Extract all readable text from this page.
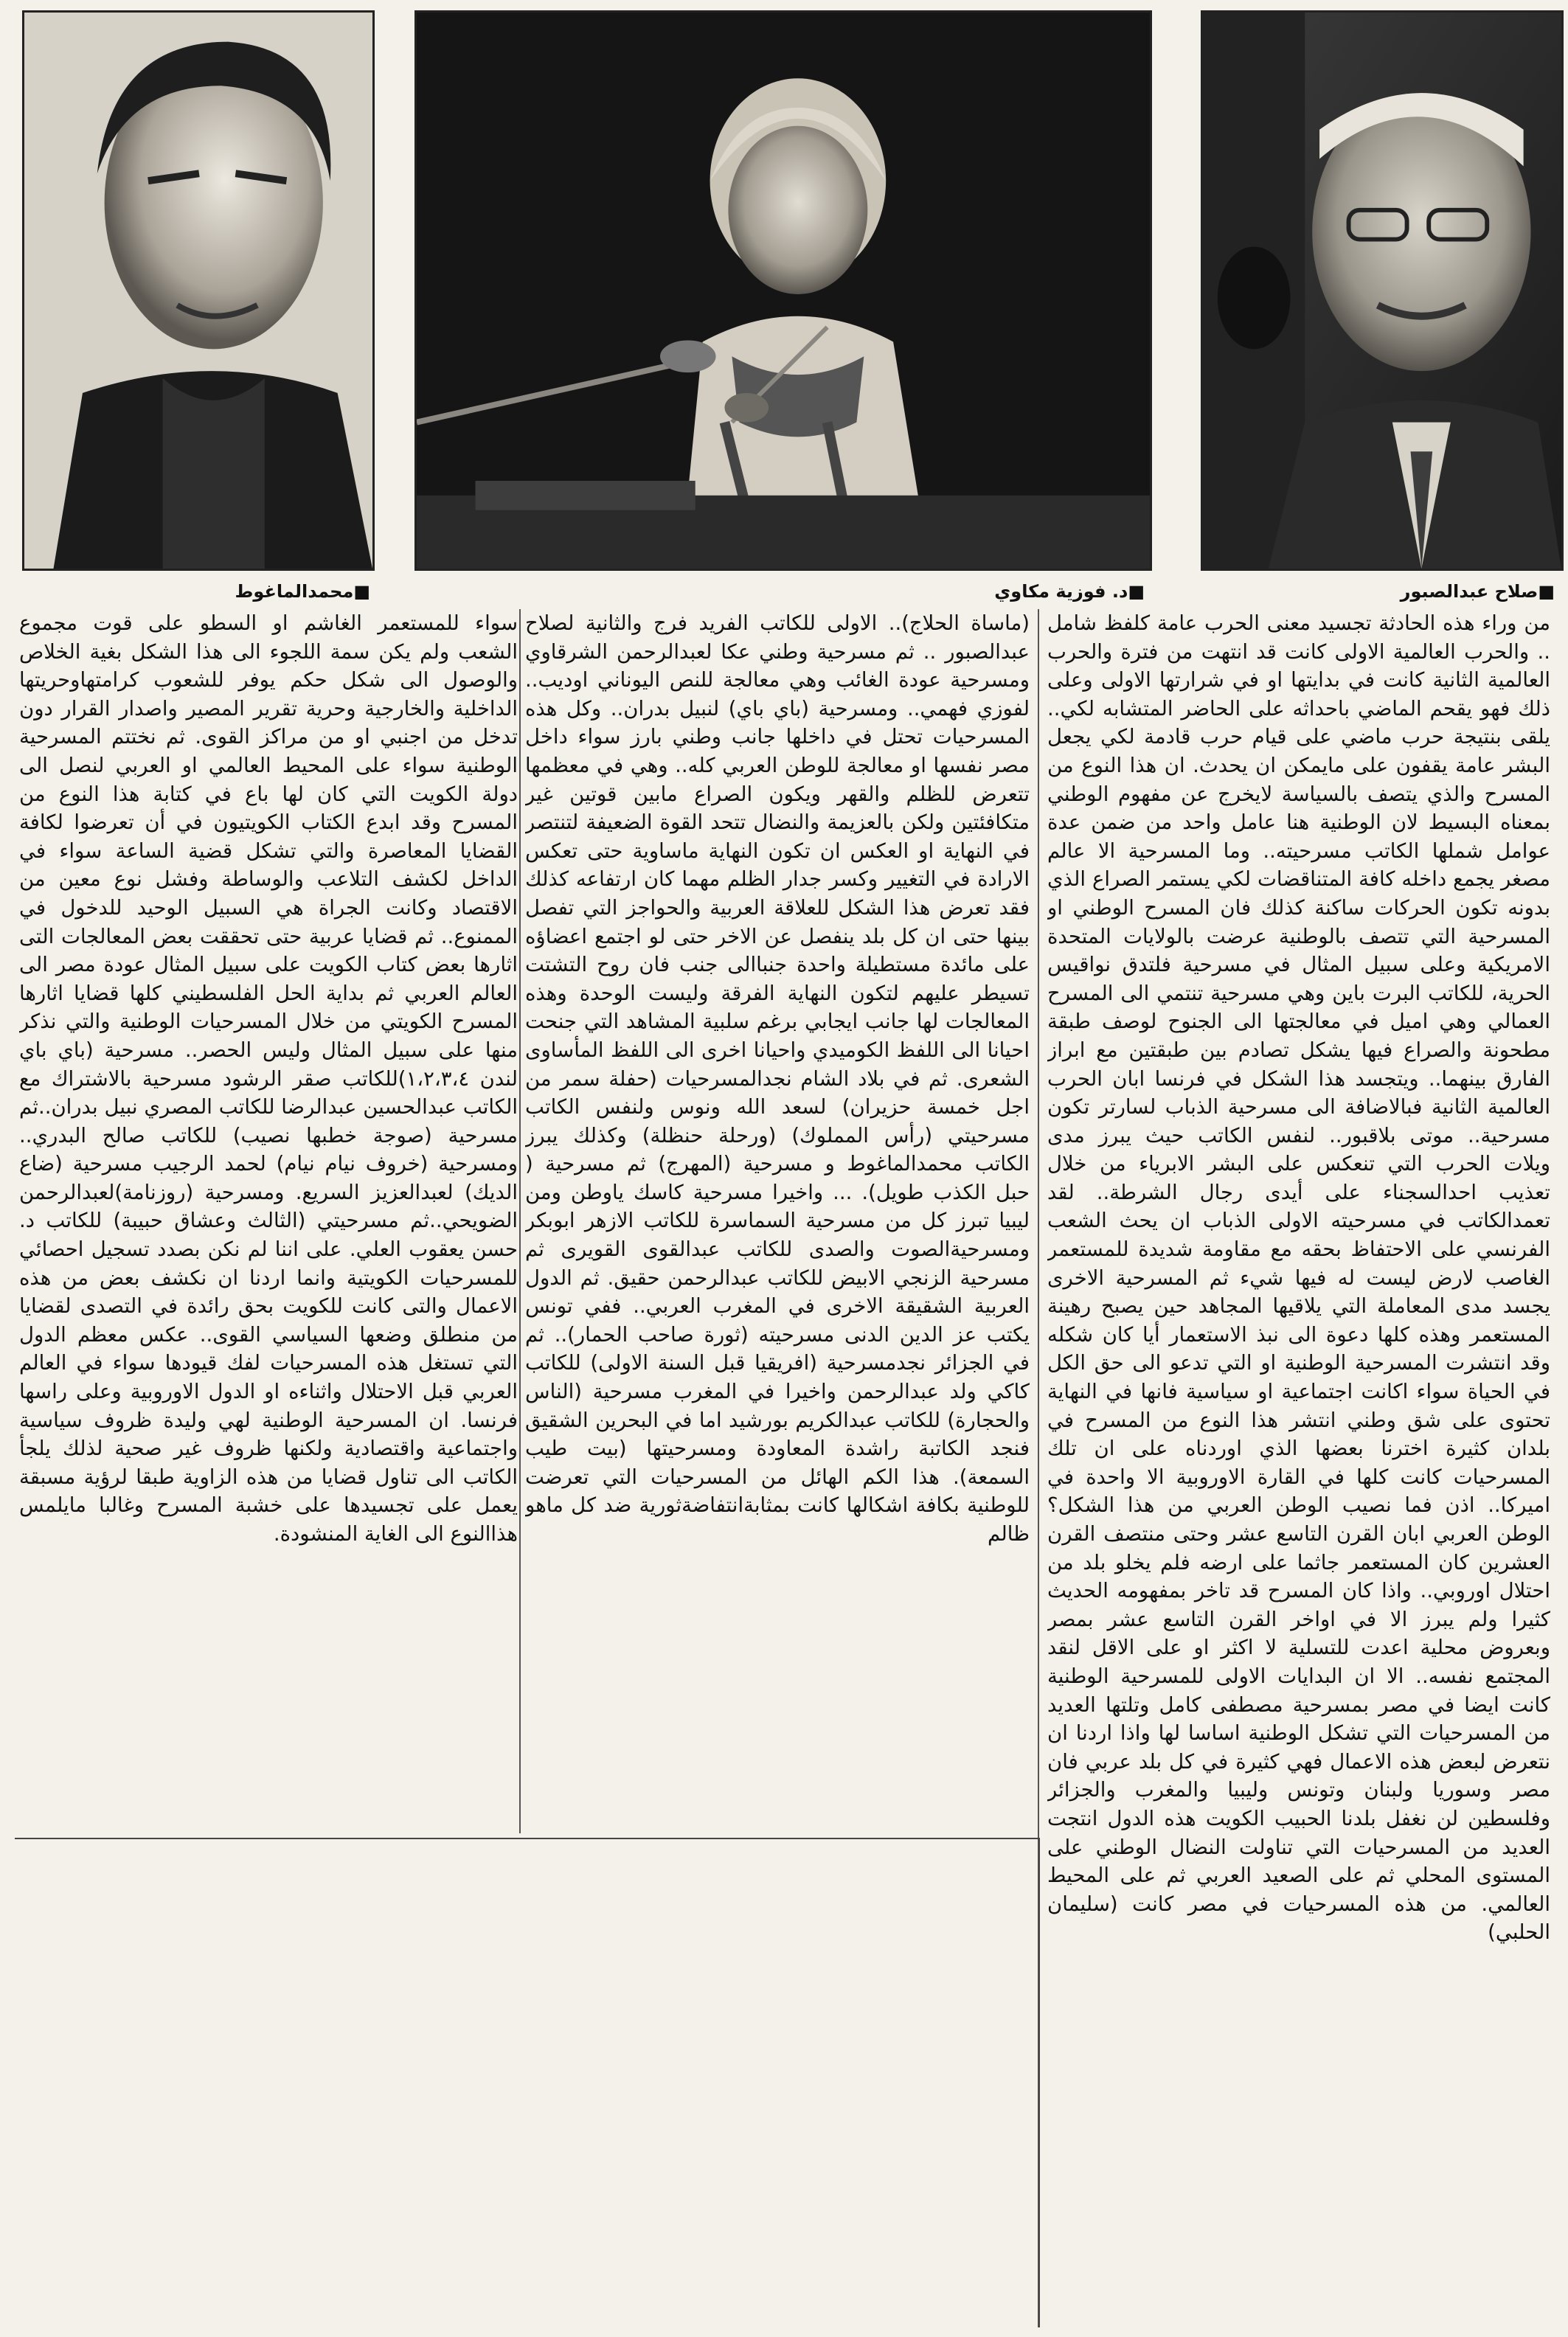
■صلاح عبدالصبور
■د. فوزية مكاوي
■محمدالماغوط

من وراء هذه الحادثة تجسيد معنى الحرب عامة كلفظ شامل .. والحرب العالمية الاولى كانت قد انتهت من فترة والحرب العالمية الثانية كانت في بدايتها او في شرارتها الاولى وعلى ذلك فهو يقحم الماضي باحداثه على الحاضر المتشابه لكي.. يلقى بنتيجة حرب ماضي على قيام حرب قادمة لكي يجعل البشر عامة يقفون على مايمكن ان يحدث. ان هذا النوع من المسرح والذي يتصف بالسياسة لايخرج عن مفهوم الوطني بمعناه البسيط لان الوطنية هنا عامل واحد من ضمن عدة عوامل شملها الكاتب مسرحيته.. وما المسرحية الا عالم مصغر يجمع داخله كافة المتناقضات لكي يستمر الصراع الذي بدونه تكون الحركات ساكنة كذلك فان المسرح الوطني او المسرحية التي تتصف بالوطنية عرضت بالولايات المتحدة الامريكية وعلى سبيل المثال في مسرحية فلتدق نواقيس الحرية، للكاتب البرت باين وهي مسرحية تنتمي الى المسرح العمالي وهي اميل في معالجتها الى الجنوح لوصف طبقة مطحونة والصراع فيها يشكل تصادم بين طبقتين مع ابراز الفارق بينهما.. ويتجسد هذا الشكل في فرنسا ابان الحرب العالمية الثانية فبالاضافة الى مسرحية الذباب لسارتر تكون مسرحية.. موتى بلاقبور.. لنفس الكاتب حيث يبرز مدى ويلات الحرب التي تنعكس على البشر الابرياء من خلال تعذيب احدالسجناء على أيدى رجال الشرطة.. لقد تعمدالكاتب في مسرحيته الاولى الذباب ان يحث الشعب الفرنسي على الاحتفاظ بحقه مع مقاومة شديدة للمستعمر الغاصب لارض ليست له فيها شيء ثم المسرحية الاخرى يجسد مدى المعاملة التي يلاقيها المجاهد حين يصبح رهينة المستعمر وهذه كلها دعوة الى نبذ الاستعمار أيا كان شكله وقد انتشرت المسرحية الوطنية او التي تدعو الى حق الكل في الحياة سواء اكانت اجتماعية او سياسية فانها في النهاية تحتوى على شق وطني انتشر هذا النوع من المسرح في بلدان كثيرة اخترنا بعضها الذي اوردناه على ان تلك المسرحيات كانت كلها في القارة الاوروبية الا واحدة في اميركا.. اذن فما نصيب الوطن العربي من هذا الشكل؟ الوطن العربي ابان القرن التاسع عشر وحتى منتصف القرن العشرين كان المستعمر جاثما على ارضه فلم يخلو بلد من احتلال اوروبي.. واذا كان المسرح قد تاخر بمفهومه الحديث كثيرا ولم يبرز الا في اواخر القرن التاسع عشر بمصر وبعروض محلية اعدت للتسلية لا اكثر او على الاقل لنقد المجتمع نفسه.. الا ان البدايات الاولى للمسرحية الوطنية كانت ايضا في مصر بمسرحية مصطفى كامل وتلتها العديد من المسرحيات التي تشكل الوطنية اساسا لها واذا اردنا ان نتعرض لبعض هذه الاعمال فهي كثيرة في كل بلد عربي فان مصر وسوريا ولبنان وتونس وليبيا والمغرب والجزائر وفلسطين لن نغفل بلدنا الحبيب الكويت هذه الدول انتجت العديد من المسرحيات التي تناولت النضال الوطني على المستوى المحلي ثم على الصعيد العربي ثم على المحيط العالمي. من هذه المسرحيات في مصر كانت (سليمان الحلبي)

(ماساة الحلاج).. الاولى للكاتب الفريد فرج والثانية لصلاح عبدالصبور .. ثم مسرحية وطني عكا لعبدالرحمن الشرقاوي ومسرحية عودة الغائب وهي معالجة للنص اليوناني اوديب.. لفوزي فهمي.. ومسرحية (باي باي) لنبيل بدران.. وكل هذه المسرحيات تحتل في داخلها جانب وطني بارز سواء داخل مصر نفسها او معالجة للوطن العربي كله.. وهي في معظمها تتعرض للظلم والقهر ويكون الصراع مابين قوتين غير متكافئتين ولكن بالعزيمة والنضال تتحد القوة الضعيفة لتنتصر في النهاية او العكس ان تكون النهاية ماساوية حتى تعكس الارادة في التغيير وكسر جدار الظلم مهما كان ارتفاعه كذلك فقد تعرض هذا الشكل للعلاقة العربية والحواجز التي تفصل بينها حتى ان كل بلد ينفصل عن الاخر حتى لو اجتمع اعضاؤه على مائدة مستطيلة واحدة جنباالى جنب فان روح التشتت تسيطر عليهم لتكون النهاية الفرقة وليست الوحدة وهذه المعالجات لها جانب ايجابي برغم سلبية المشاهد التي جنحت احيانا الى اللفظ الكوميدي واحيانا اخرى الى اللفظ المأساوى الشعرى. ثم في بلاد الشام نجدالمسرحيات (حفلة سمر من اجل خمسة حزيران) لسعد الله ونوس ولنفس الكاتب مسرحيتي (رأس المملوك) (ورحلة حنظلة) وكذلك يبرز الكاتب محمدالماغوط و مسرحية (المهرج) ثم مسرحية ( حبل الكذب طويل). ... واخيرا مسرحية كاسك ياوطن ومن ليبيا تبرز كل من مسرحية السماسرة للكاتب الازهر ابوبكر ومسرحيةالصوت والصدى للكاتب عبدالقوى القويرى ثم مسرحية الزنجي الابيض للكاتب عبدالرحمن حقيق. ثم الدول العربية الشقيقة الاخرى في المغرب العربي.. ففي تونس يكتب عز الدين الدنى مسرحيته (ثورة صاحب الحمار).. ثم في الجزائر نجدمسرحية (افريقيا قبل السنة الاولى) للكاتب كاكي ولد عبدالرحمن واخيرا في المغرب مسرحية (الناس والحجارة) للكاتب عبدالكريم بورشيد اما في البحرين الشقيق فنجد الكاتبة راشدة المعاودة ومسرحيتها (بيت طيب السمعة). هذا الكم الهائل من المسرحيات التي تعرضت للوطنية بكافة اشكالها كانت بمثابةانتفاضةثورية ضد كل ماهو ظالم

سواء للمستعمر الغاشم او السطو على قوت مجموع الشعب ولم يكن سمة اللجوء الى هذا الشكل بغية الخلاص والوصول الى شكل حكم يوفر للشعوب كرامتهاوحريتها الداخلية والخارجية وحرية تقرير المصير واصدار القرار دون تدخل من اجنبي او من مراكز القوى. ثم نختتم المسرحية الوطنية سواء على المحيط العالمي او العربي لنصل الى دولة الكويت التي كان لها باع في كتابة هذا النوع من المسرح وقد ابدع الكتاب الكويتيون في أن تعرضوا لكافة القضايا المعاصرة والتي تشكل قضية الساعة سواء في الداخل لكشف التلاعب والوساطة وفشل نوع معين من الاقتصاد وكانت الجراة هي السبيل الوحيد للدخول في الممنوع.. ثم قضايا عربية حتى تحققت بعض المعالجات التى اثارها بعض كتاب الكويت على سبيل المثال عودة مصر الى العالم العربي ثم بداية الحل الفلسطيني كلها قضايا اثارها المسرح الكويتي من خلال المسرحيات الوطنية والتي نذكر منها على سبيل المثال وليس الحصر.. مسرحية (باي باي لندن ١،٢،٣،٤)للكاتب صقر الرشود مسرحية بالاشتراك مع الكاتب عبدالحسين عبدالرضا للكاتب المصري نبيل بدران..ثم مسرحية (صوجة خطبها نصيب) للكاتب صالح البدري.. ومسرحية (خروف نيام نيام) لحمد الرجيب مسرحية (ضاع الديك) لعبدالعزيز السريع. ومسرحية (روزنامة)لعبدالرحمن الضويحي..ثم مسرحيتي (الثالث وعشاق حبيبة) للكاتب د. حسن يعقوب العلي. على اننا لم نكن بصدد تسجيل احصائي للمسرحيات الكويتية وانما اردنا ان نكشف بعض من هذه الاعمال والتى كانت للكويت بحق رائدة في التصدى لقضايا من منطلق وضعها السياسي القوى.. عكس معظم الدول التي تستغل هذه المسرحيات لفك قيودها سواء في العالم العربي قبل الاحتلال واثناءه او الدول الاوروبية وعلى راسها فرنسا. ان المسرحية الوطنية لهي وليدة ظروف سياسية واجتماعية واقتصادية ولكنها ظروف غير صحية لذلك يلجأ الكاتب الى تناول قضايا من هذه الزاوية طبقا لرؤية مسبقة يعمل على تجسيدها على خشبة المسرح وغالبا مايلمس هذاالنوع الى الغاية المنشودة.
